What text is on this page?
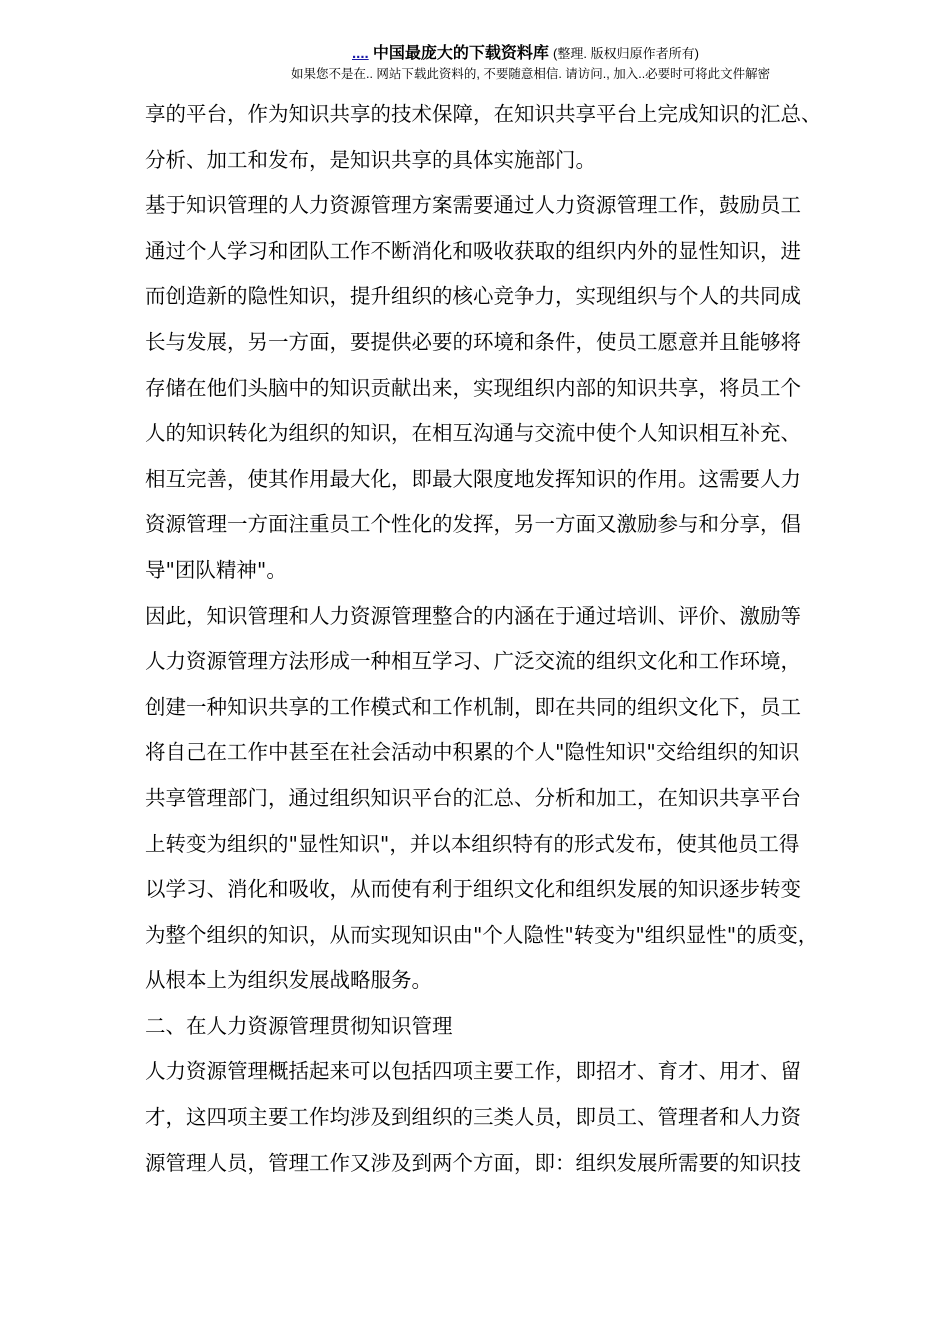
.... 中国最庞大的下载资料库 (整理. 版权归原作者所有)
如果您不是在.. 网站下载此资料的, 不要随意相信. 请访问., 加入..必要时可将此文件解密
享的平台，作为知识共享的技术保障，在知识共享平台上完成知识的汇总、
分析、加工和发布，是知识共享的具体实施部门。
基于知识管理的人力资源管理方案需要通过人力资源管理工作，鼓励员工
通过个人学习和团队工作不断消化和吸收获取的组织内外的显性知识，进
而创造新的隐性知识，提升组织的核心竞争力，实现组织与个人的共同成
长与发展，另一方面，要提供必要的环境和条件，使员工愿意并且能够将
存储在他们头脑中的知识贡献出来，实现组织内部的知识共享，将员工个
人的知识转化为组织的知识，在相互沟通与交流中使个人知识相互补充、
相互完善，使其作用最大化，即最大限度地发挥知识的作用。这需要人力
资源管理一方面注重员工个性化的发挥，另一方面又激励参与和分享，倡
导"团队精神"。
因此，知识管理和人力资源管理整合的内涵在于通过培训、评价、激励等
人力资源管理方法形成一种相互学习、广泛交流的组织文化和工作环境，
创建一种知识共享的工作模式和工作机制，即在共同的组织文化下，员工
将自己在工作中甚至在社会活动中积累的个人"隐性知识"交给组织的知识
共享管理部门，通过组织知识平台的汇总、分析和加工，在知识共享平台
上转变为组织的"显性知识"，并以本组织特有的形式发布，使其他员工得
以学习、消化和吸收，从而使有利于组织文化和组织发展的知识逐步转变
为整个组织的知识，从而实现知识由"个人隐性"转变为"组织显性"的质变，
从根本上为组织发展战略服务。
二、在人力资源管理贯彻知识管理
人力资源管理概括起来可以包括四项主要工作，即招才、育才、用才、留
才，这四项主要工作均涉及到组织的三类人员，即员工、管理者和人力资
源管理人员，管理工作又涉及到两个方面，即：组织发展所需要的知识技
